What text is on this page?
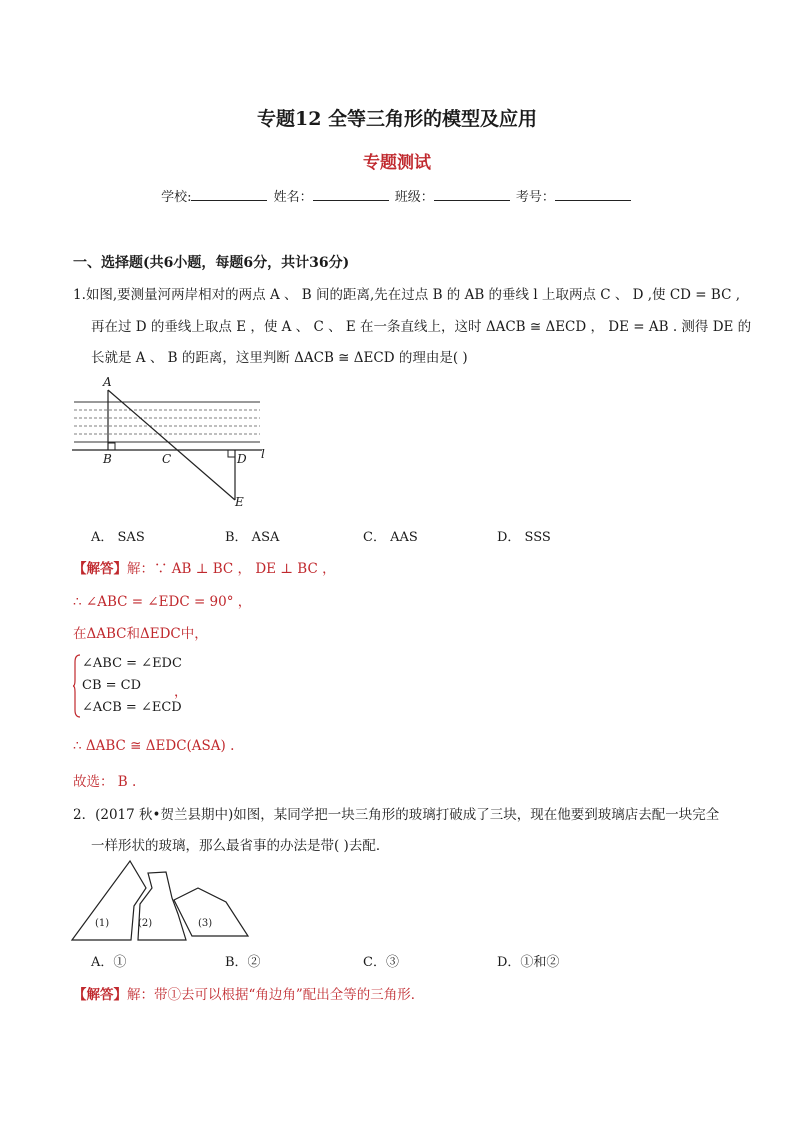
专题12 全等三角形的模型及应用
专题测试
学校:	姓名：	班级：	考号：
一、选择题(共6小题，每题6分，共计36分)
1.如图,要测量河两岸相对的两点 A 、 B 间的距离,先在过点 B 的 AB 的垂线 l 上取两点 C 、 D ,使 CD = BC ,
再在过 D 的垂线上取点 E ，使 A 、 C 、 E 在一条直线上，这时 ΔACB ≅ ΔECD ， DE = AB . 测得 DE 的
长就是 A 、 B 的距离，这里判断 ΔACB ≅ ΔECD 的理由是( )
A
B	C	D
E
l
A． SAS	B． ASA	C． AAS	D． SSS
【解答】解：∵ AB ⊥ BC ， DE ⊥ BC ，
∴ ∠ABC = ∠EDC = 90° ，
在ΔABC和ΔEDC中，
∠ABC = ∠EDC
CB = CD
∠ACB = ∠ECD
，
∴ ΔABC ≅ ΔEDC(ASA) .
故选： B .
2．(2017 秋•贺兰县期中)如图，某同学把一块三角形的玻璃打破成了三块，现在他要到玻璃店去配一块完全
一样形状的玻璃，那么最省事的办法是带( )去配．
(1)	(2)	(3)
A．①	B．②	C．③	D．①和②
【解答】解：带①去可以根据“角边角”配出全等的三角形．
